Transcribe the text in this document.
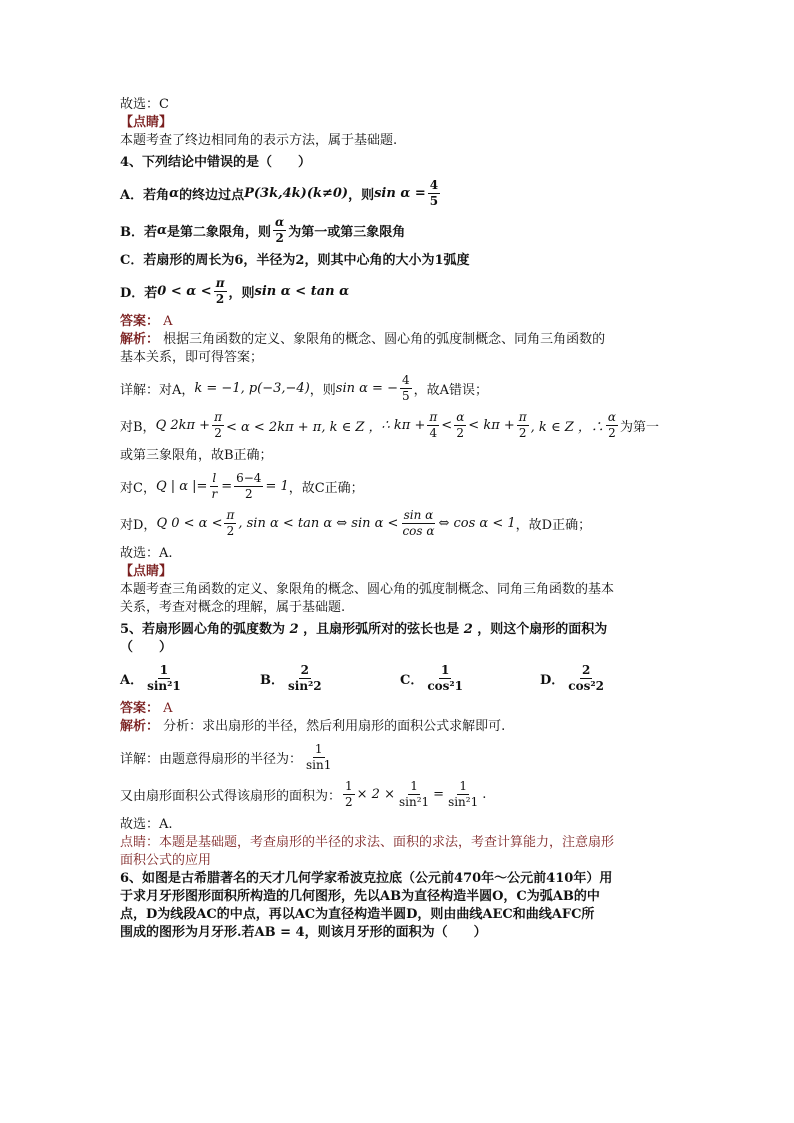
故选：C
【点睛】
本题考查了终边相同角的表示方法，属于基础题.
4、下列结论中错误的是（　　）
A．若角 α 的终边过点 P(3k,4k)(k≠0) ，则 $\sin \alpha = \frac{4}{5}$
B．若 α 是第二象限角，则 $\frac{\alpha}{2}$ 为第一或第三象限角
C．若扇形的周长为6，半径为2，则其中心角的大小为1弧度
D．若 $0 < \alpha < \frac{\pi}{2}$ ，则 sin α < tan α
答案： A
解析： 根据三角函数的定义、象限角的概念、圆心角的弧度制概念、同角三角函数的
基本关系，即可得答案；
详解：对A， k = −1, p(−3,−4) ，则 sin α = − $\frac{4}{5}$ ，故A错误；
对B， Q $2k\pi + \frac{\pi}{2} < \alpha < 2k\pi + \pi$, k ∈ Z ， ∴ $k\pi + \frac{\pi}{4} < \frac{\alpha}{2} < k\pi + \frac{\pi}{2}$ , k ∈ Z ，∴ $\frac{\alpha}{2}$ 为第一
或第三象限角，故B正确；
对C， Q | α |= $\frac{l}{r} = \frac{6-4}{2} = 1$ ，故C正确；
对D， Q $0 < \alpha < \frac{\pi}{2}$ , sin α < tan α ⇔ $\sin \alpha < \frac{\text{sin α}}{\text{cos α}}$ ⇔ cos α < 1 ，故D正确；
故选：A.
【点睛】
本题考查三角函数的定义、象限角的概念、圆心角的弧度制概念、同角三角函数的基本
关系，考查对概念的理解，属于基础题.
5、若扇形圆心角的弧度数为 2 ，且扇形弧所对的弦长也是 2 ，则这个扇形的面积为
（　　）
A． $\frac{1}{\text{sin²1}}$	B． $\frac{2}{\text{sin²2}}$	C． $\frac{1}{\text{cos²1}}$	D． $\frac{2}{\text{cos²2}}$
答案： A
解析： 分析：求出扇形的半径，然后利用扇形的面积公式求解即可.
详解：由题意得扇形的半径为： $\frac{1}{\sin 1}$
又由扇形面积公式得该扇形的面积为： $\frac{1}{2} \times 2 \times \frac{1}{\text{sin²1}} = \frac{1}{\text{sin²1}}$ .
故选：A.
点睛：本题是基础题，考查扇形的半径的求法、面积的求法，考查计算能力，注意扇形
面积公式的应用
6、如图是古希腊著名的天才几何学家希波克拉底（公元前470年～公元前410年）用
于求月牙形图形面积所构造的几何图形，先以AB为直径构造半圆O，C为弧AB的中
点，D为线段AC的中点，再以AC为直径构造半圆D，则由曲线AEC和曲线AFC所
围成的图形为月牙形.若AB = 4，则该月牙形的面积为（　　）
